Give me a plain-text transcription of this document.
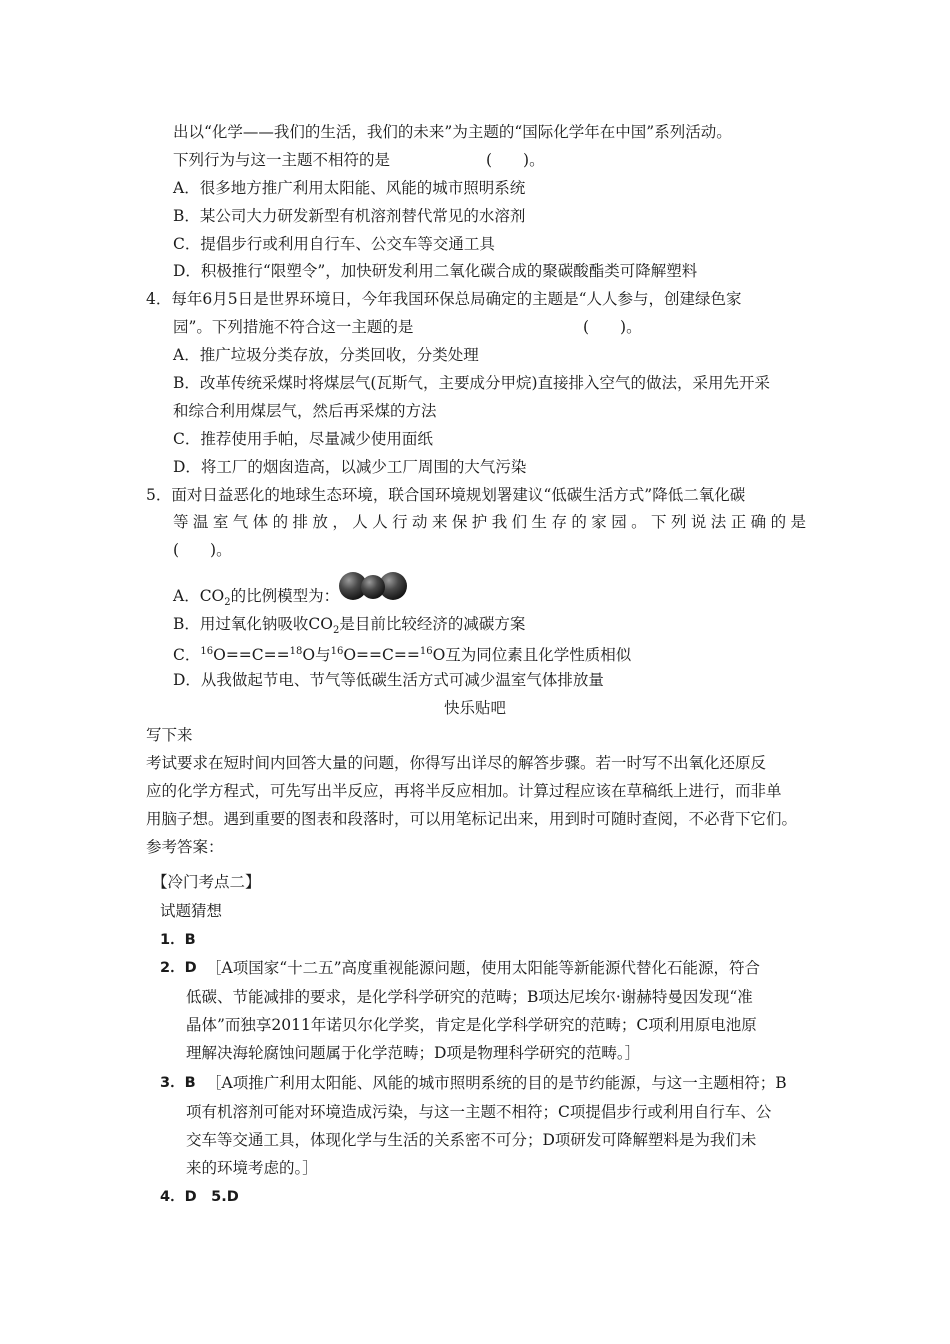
出以“化学——我们的生活，我们的未来”为主题的“国际化学年在中国”系列活动。
下列行为与这一主题不相符的是	(　　)。
A．很多地方推广利用太阳能、风能的城市照明系统
B．某公司大力研发新型有机溶剂替代常见的水溶剂
C．提倡步行或利用自行车、公交车等交通工具
D．积极推行“限塑令”，加快研发利用二氧化碳合成的聚碳酸酯类可降解塑料
4．每年6月5日是世界环境日，今年我国环保总局确定的主题是“人人参与，创建绿色家
园”。下列措施不符合这一主题的是	(　　)。
A．推广垃圾分类存放，分类回收，分类处理
B．改革传统采煤时将煤层气(瓦斯气，主要成分甲烷)直接排入空气的做法，采用先开采
和综合利用煤层气，然后再采煤的方法
C．推荐使用手帕，尽量减少使用面纸
D．将工厂的烟囱造高，以减少工厂周围的大气污染
5．面对日益恶化的地球生态环境，联合国环境规划署建议“低碳生活方式”降低二氧化碳
等温室气体的排放，人人行动来保护我们生存的家园。下列说法正确的是
(　　)。
A．$CO_2$的比例模型为：
B．用过氧化钠吸收$CO_2$是目前比较经济的减碳方案
C．$^{16}$O==C==$^{18}$O与$^{16}$O==C==$^{16}$O互为同位素且化学性质相似
D．从我做起节电、节气等低碳生活方式可减少温室气体排放量
快乐贴吧
写下来
考试要求在短时间内回答大量的问题，你得写出详尽的解答步骤。若一时写不出氧化还原反
应的化学方程式，可先写出半反应，再将半反应相加。计算过程应该在草稿纸上进行，而非单
用脑子想。遇到重要的图表和段落时，可以用笔标记出来，用到时可随时查阅，不必背下它们。
参考答案：
【冷门考点二】
试题猜想
1．B
2．D ［A项国家“十二五”高度重视能源问题，使用太阳能等新能源代替化石能源，符合
低碳、节能减排的要求，是化学科学研究的范畴；B项达尼埃尔·谢赫特曼因发现“准
晶体”而独享2011年诺贝尔化学奖，肯定是化学科学研究的范畴；C项利用原电池原
理解决海轮腐蚀问题属于化学范畴；D项是物理科学研究的范畴。］
3．B ［A项推广利用太阳能、风能的城市照明系统的目的是节约能源，与这一主题相符；B
项有机溶剂可能对环境造成污染，与这一主题不相符；C项提倡步行或利用自行车、公
交车等交通工具，体现化学与生活的关系密不可分；D项研发可降解塑料是为我们未
来的环境考虑的。］
4．D　5.D
